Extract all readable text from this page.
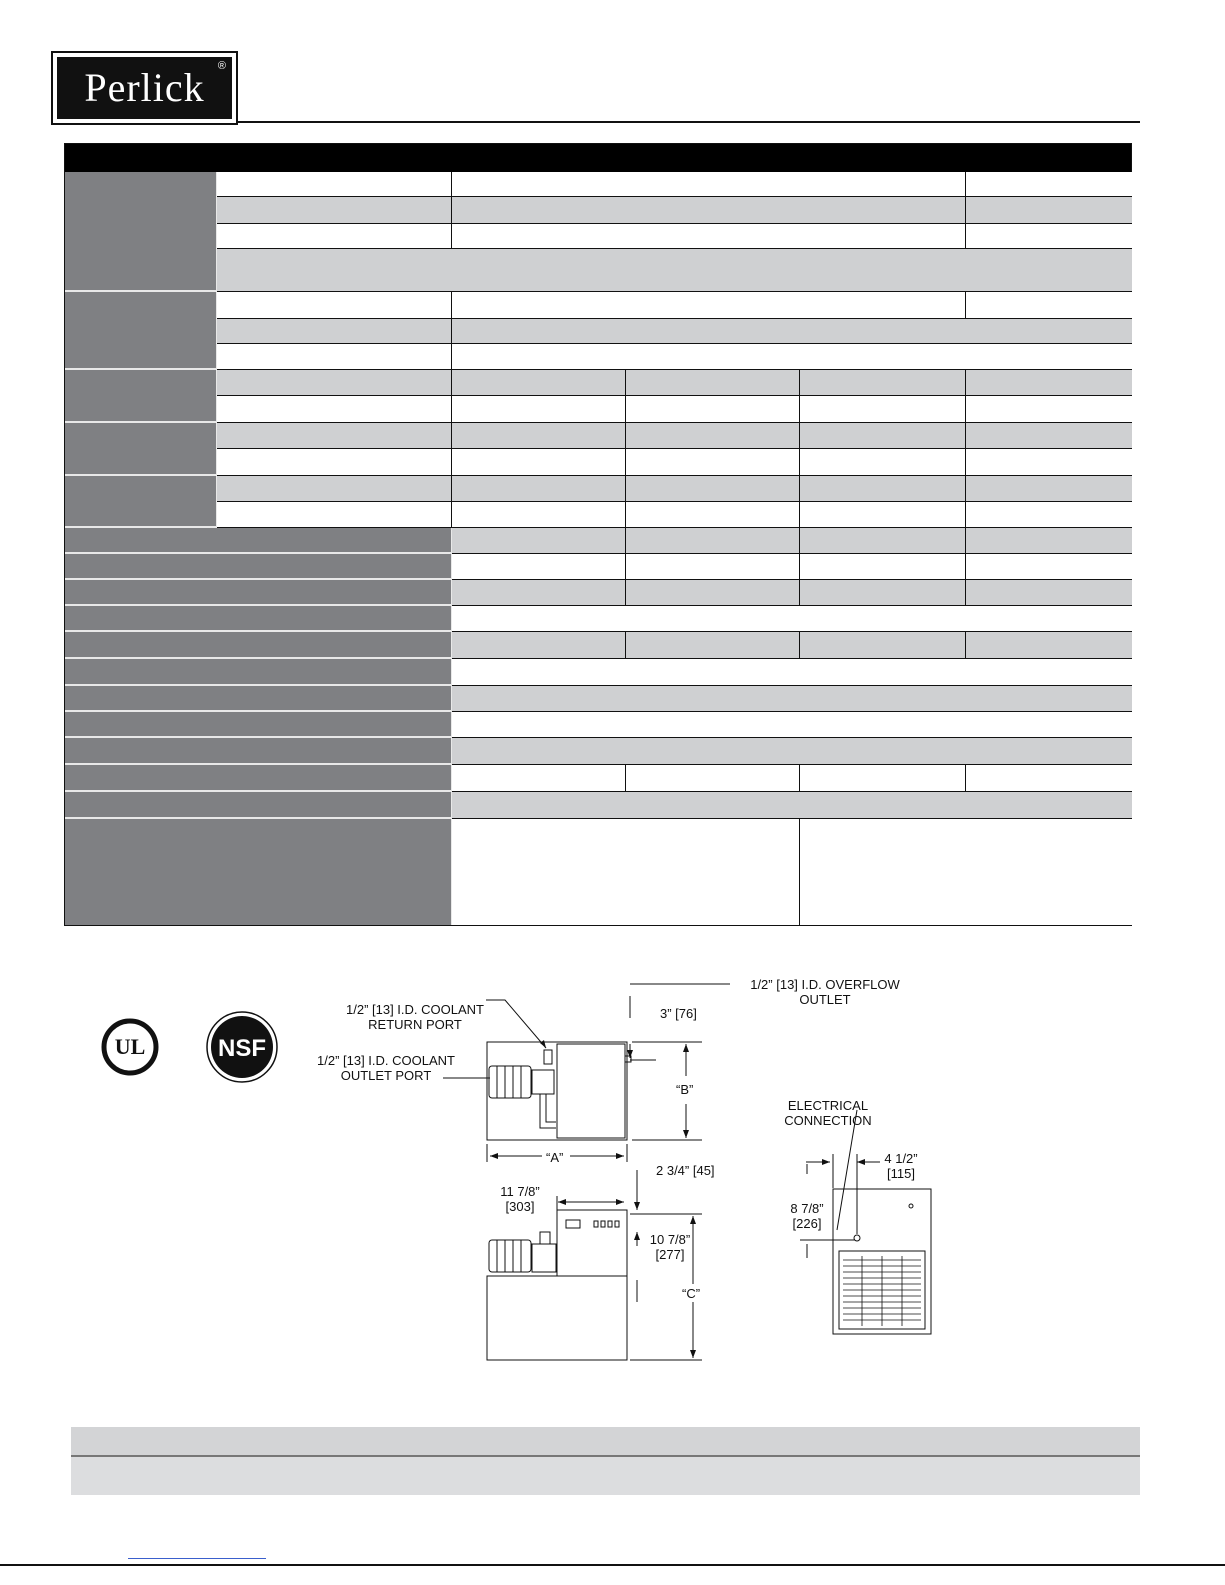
Perlick ®
UL	NSF
1/2” [13] I.D. OVERFLOW
OUTLET
3” [76]
1/2” [13] I.D. COOLANT
RETURN PORT
1/2” [13] I.D. COOLANT
OUTLET PORT
“B”
“A”
2 3/4” [45]
11 7/8”
[303]
10 7/8”
[277]
“C”
ELECTRICAL
CONNECTION
4 1/2”
[115]
8 7/8”
[226]
